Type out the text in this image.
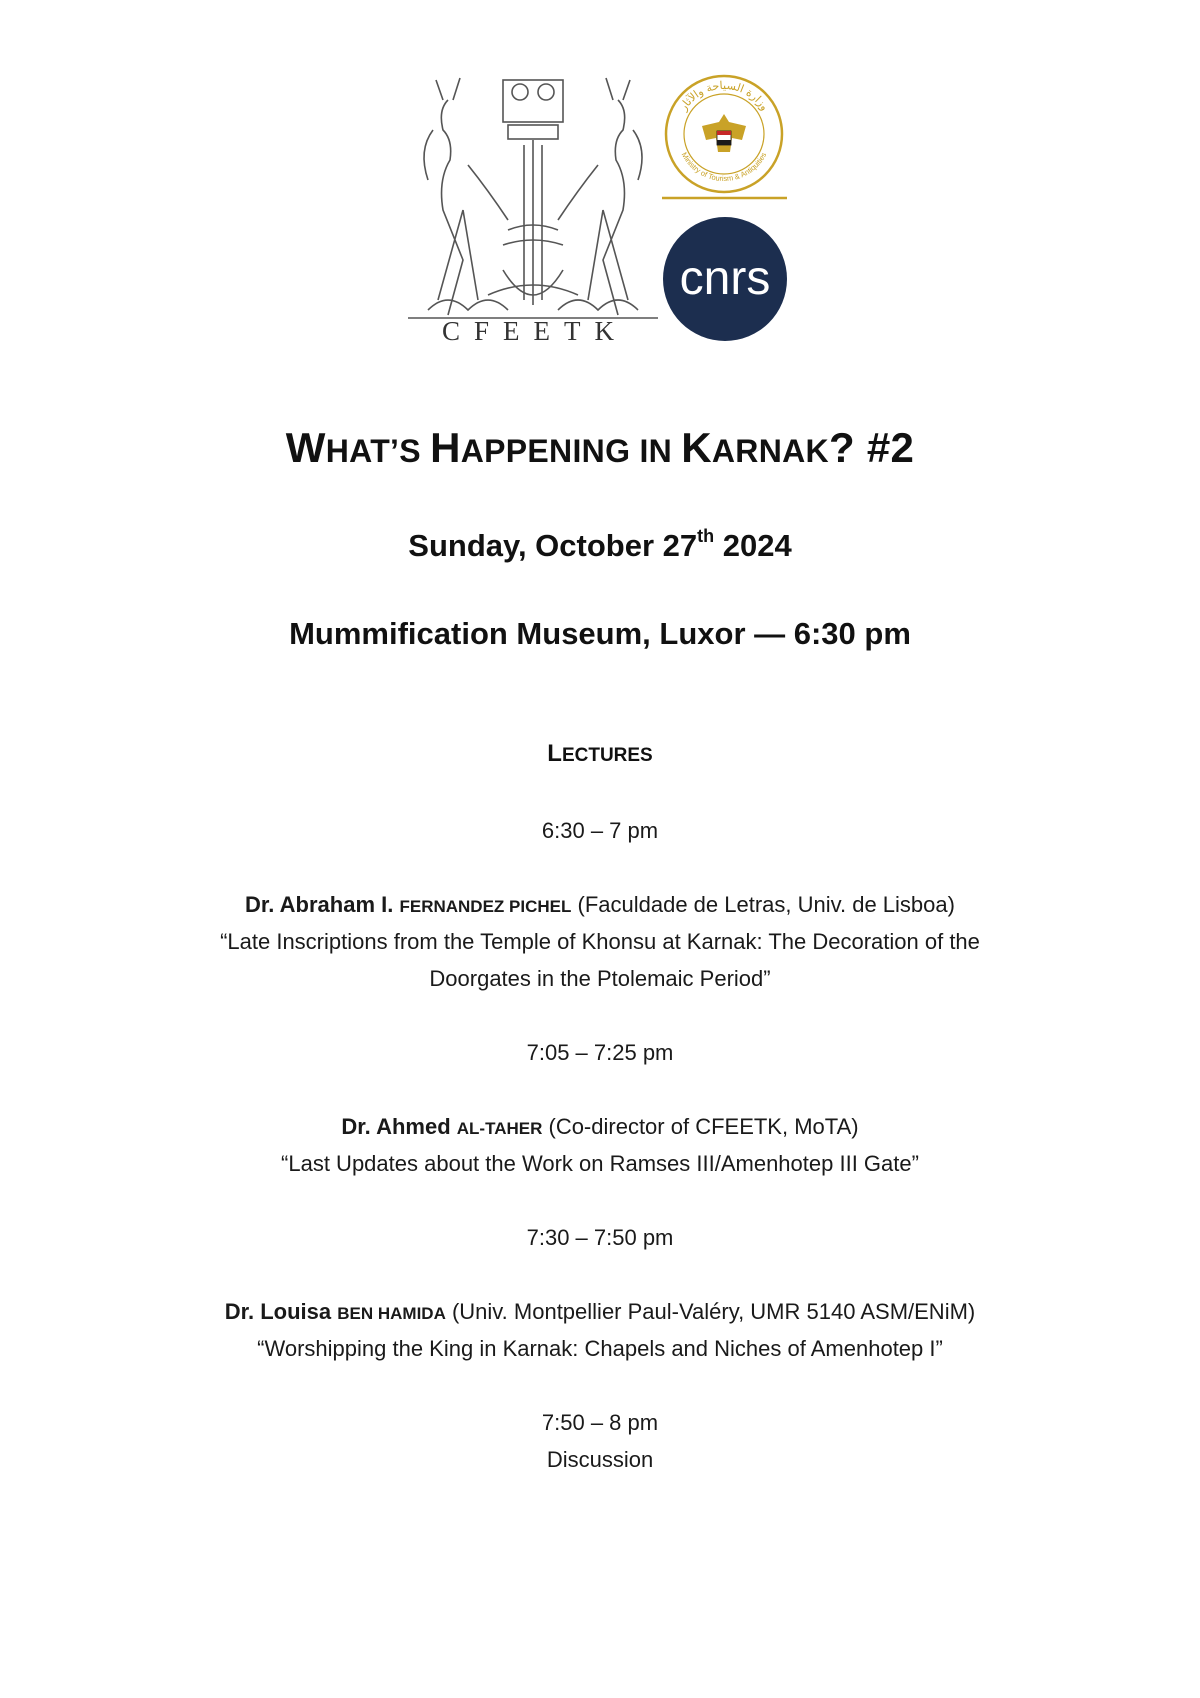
CFEETK
وزارة السياحة والآثار
Ministry of Tourism & Antiquities
cnrs
WHAT’S HAPPENING IN KARNAK? #2
Sunday, October 27th 2024
Mummification Museum, Luxor — 6:30 pm
LECTURES
6:30 – 7 pm
Dr. Abraham I. FERNANDEZ PICHEL (Faculdade de Letras, Univ. de Lisboa)
“Late Inscriptions from the Temple of Khonsu at Karnak: The Decoration of the
Doorgates in the Ptolemaic Period”
7:05 – 7:25 pm
Dr. Ahmed AL-TAHER (Co-director of CFEETK, MoTA)
“Last Updates about the Work on Ramses III/Amenhotep III Gate”
7:30 – 7:50 pm
Dr. Louisa BEN HAMIDA (Univ. Montpellier Paul-Valéry, UMR 5140 ASM/ENiM)
“Worshipping the King in Karnak: Chapels and Niches of Amenhotep I”
7:50 – 8 pm
Discussion
